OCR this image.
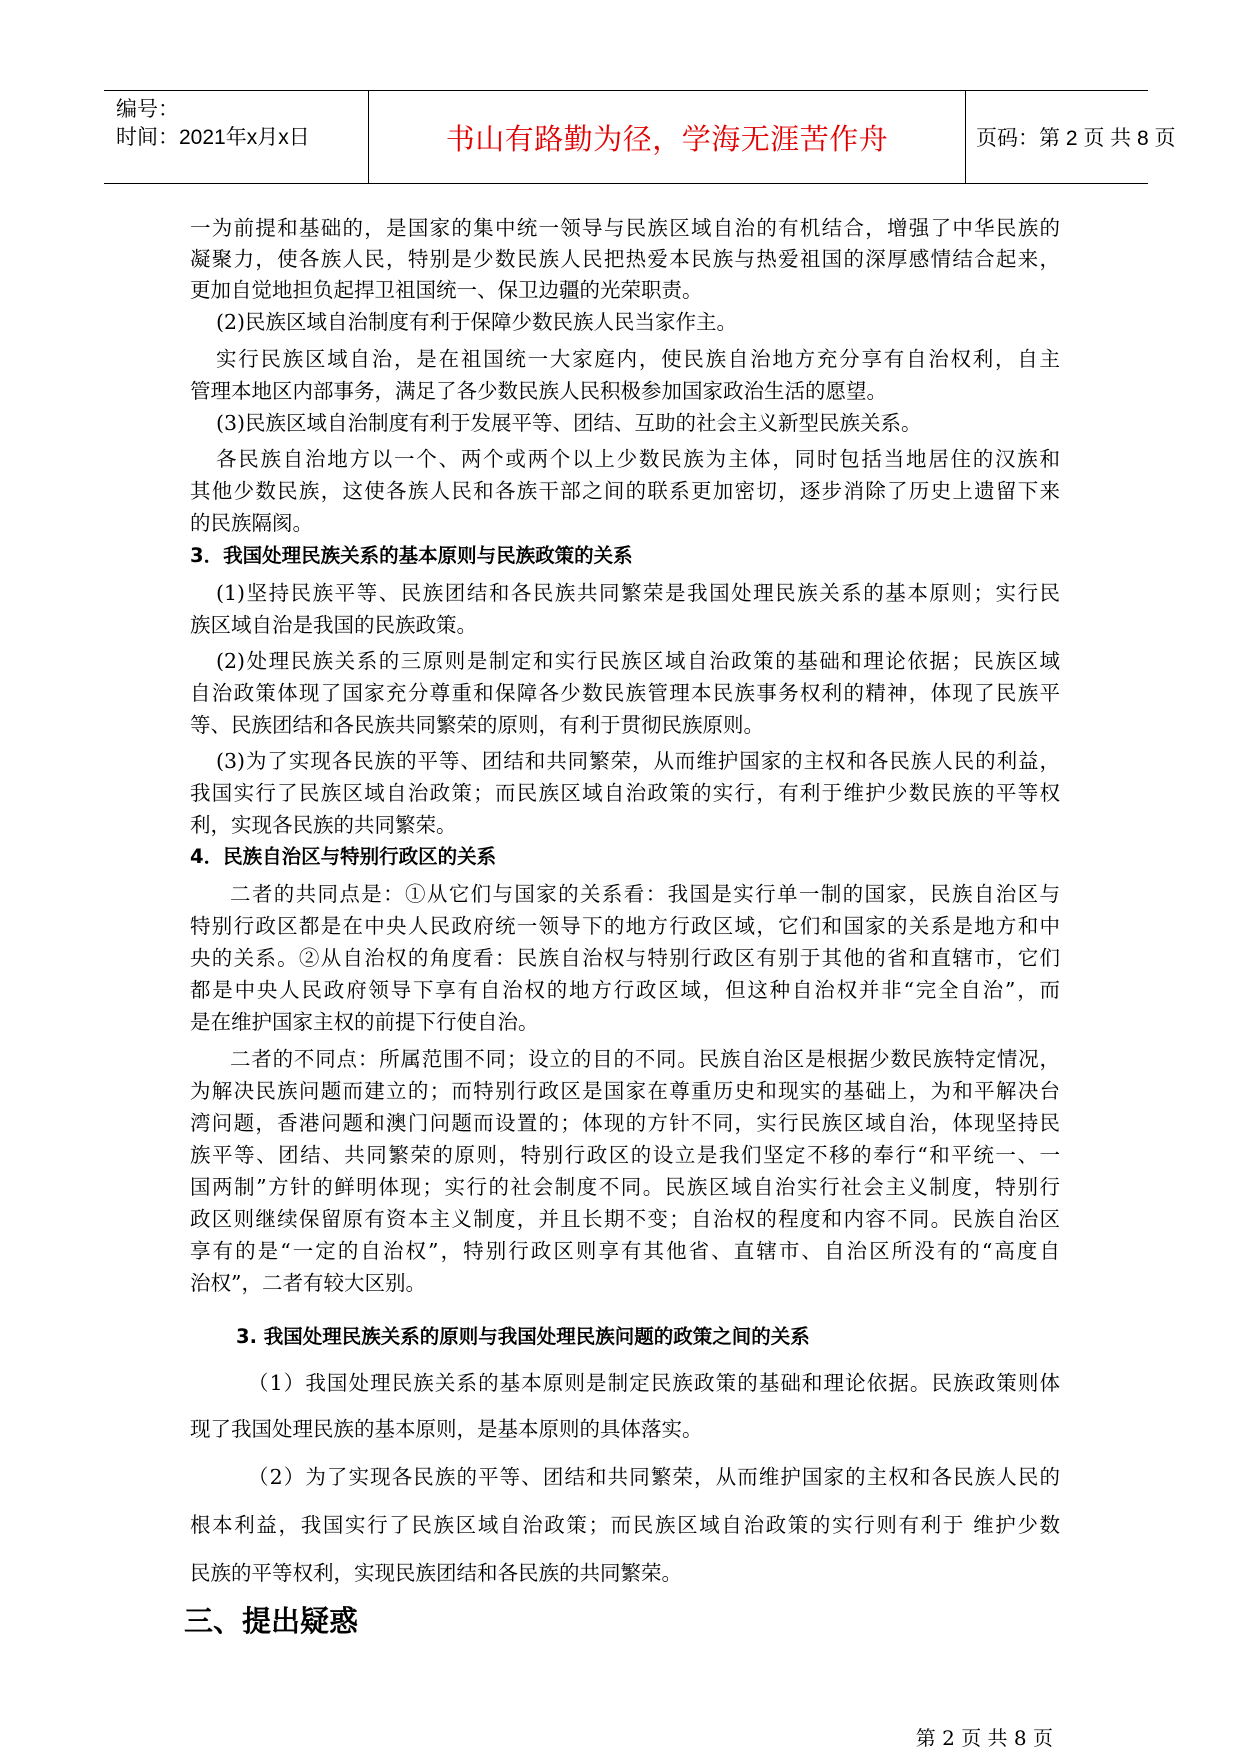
编号：
时间：2021年x月x日	书山有路勤为径，学海无涯苦作舟	页码：第 2 页 共 8 页
一为前提和基础的，是国家的集中统一领导与民族区域自治的有机结合，增强了中华民族的
凝聚力，使各族人民，特别是少数民族人民把热爱本民族与热爱祖国的深厚感情结合起来，
更加自觉地担负起捍卫祖国统一、保卫边疆的光荣职责。
(2)民族区域自治制度有利于保障少数民族人民当家作主。
实行民族区域自治，是在祖国统一大家庭内，使民族自治地方充分享有自治权利，自主
管理本地区内部事务，满足了各少数民族人民积极参加国家政治生活的愿望。
(3)民族区域自治制度有利于发展平等、团结、互助的社会主义新型民族关系。
各民族自治地方以一个、两个或两个以上少数民族为主体，同时包括当地居住的汉族和
其他少数民族，这使各族人民和各族干部之间的联系更加密切，逐步消除了历史上遗留下来
的民族隔阂。
3．我国处理民族关系的基本原则与民族政策的关系
(1)坚持民族平等、民族团结和各民族共同繁荣是我国处理民族关系的基本原则；实行民
族区域自治是我国的民族政策。
(2)处理民族关系的三原则是制定和实行民族区域自治政策的基础和理论依据；民族区域
自治政策体现了国家充分尊重和保障各少数民族管理本民族事务权利的精神，体现了民族平
等、民族团结和各民族共同繁荣的原则，有利于贯彻民族原则。
(3)为了实现各民族的平等、团结和共同繁荣，从而维护国家的主权和各民族人民的利益，
我国实行了民族区域自治政策；而民族区域自治政策的实行，有利于维护少数民族的平等权
利，实现各民族的共同繁荣。
4．民族自治区与特别行政区的关系
二者的共同点是：①从它们与国家的关系看：我国是实行单一制的国家，民族自治区与
特别行政区都是在中央人民政府统一领导下的地方行政区域，它们和国家的关系是地方和中
央的关系。②从自治权的角度看：民族自治权与特别行政区有别于其他的省和直辖市，它们
都是中央人民政府领导下享有自治权的地方行政区域，但这种自治权并非“完全自治”，而
是在维护国家主权的前提下行使自治。
二者的不同点：所属范围不同；设立的目的不同。民族自治区是根据少数民族特定情况，
为解决民族问题而建立的；而特别行政区是国家在尊重历史和现实的基础上，为和平解决台
湾问题，香港问题和澳门问题而设置的；体现的方针不同，实行民族区域自治，体现坚持民
族平等、团结、共同繁荣的原则，特别行政区的设立是我们坚定不移的奉行“和平统一、一
国两制”方针的鲜明体现；实行的社会制度不同。民族区域自治实行社会主义制度，特别行
政区则继续保留原有资本主义制度，并且长期不变；自治权的程度和内容不同。民族自治区
享有的是“一定的自治权”，特别行政区则享有其他省、直辖市、自治区所没有的“高度自
治权”，二者有较大区别。
3. 我国处理民族关系的原则与我国处理民族问题的政策之间的关系
（1）我国处理民族关系的基本原则是制定民族政策的基础和理论依据。民族政策则体
现了我国处理民族的基本原则，是基本原则的具体落实。
（2）为了实现各民族的平等、团结和共同繁荣，从而维护国家的主权和各民族人民的
根本利益，我国实行了民族区域自治政策；而民族区域自治政策的实行则有利于 维护少数
民族的平等权利，实现民族团结和各民族的共同繁荣。
三、提出疑惑
第 2 页 共 8 页
